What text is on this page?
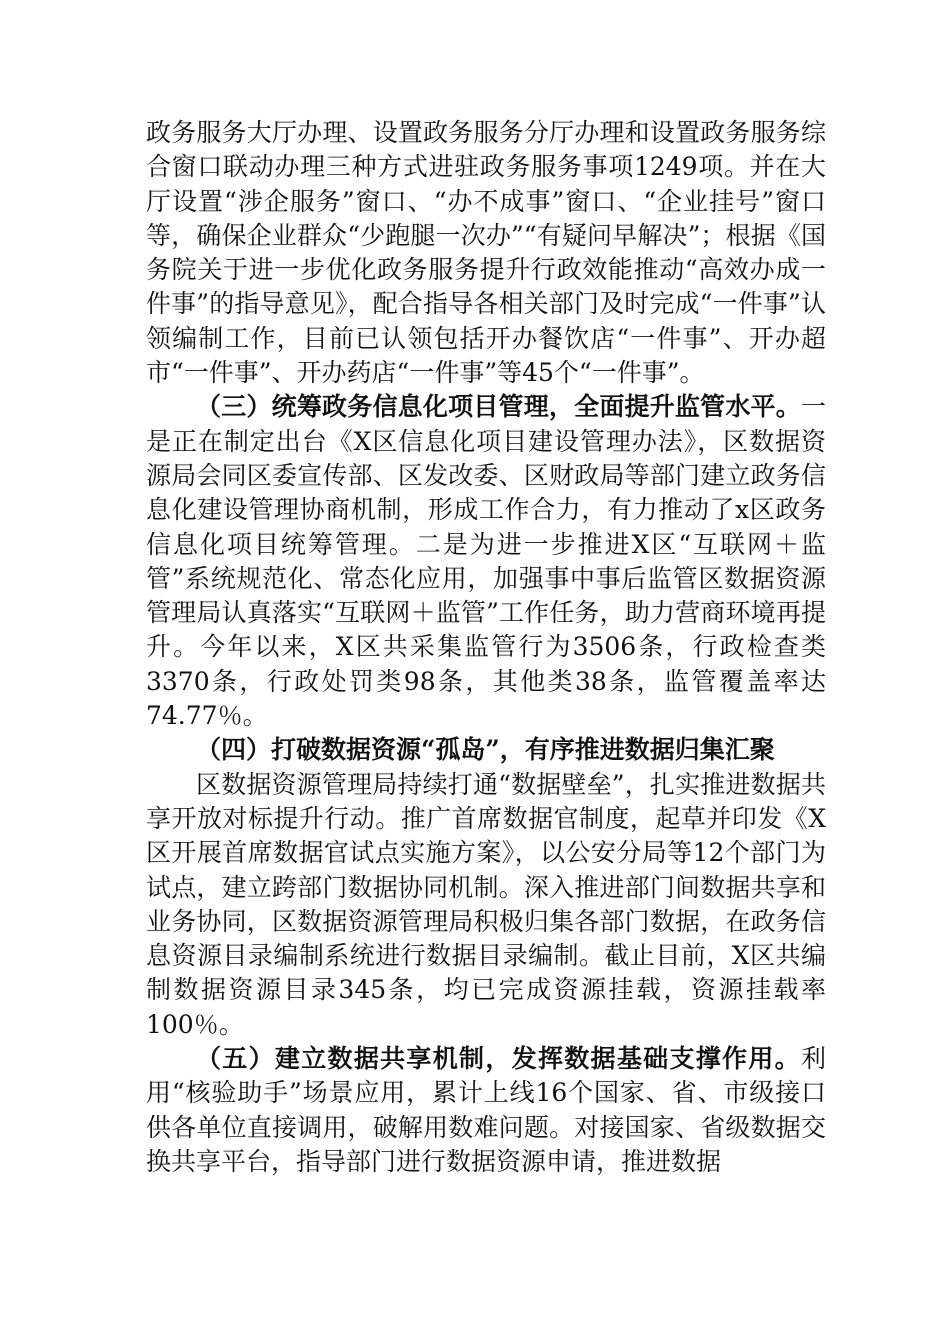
政务服务大厅办理、设置政务服务分厅办理和设置政务服务综合窗口联动办理三种方式进驻政务服务事项1249项。并在大厅设置“涉企服务”窗口、“办不成事”窗口、“企业挂号”窗口等，确保企业群众“少跑腿一次办”“有疑问早解决”；根据《国务院关于进一步优化政务服务提升行政效能推动“高效办成一件事”的指导意见》，配合指导各相关部门及时完成“一件事”认领编制工作，目前已认领包括开办餐饮店“一件事”、开办超市“一件事”、开办药店“一件事”等45个“一件事”。

（三）统筹政务信息化项目管理，全面提升监管水平。一是正在制定出台《X区信息化项目建设管理办法》，区数据资源局会同区委宣传部、区发改委、区财政局等部门建立政务信息化建设管理协商机制，形成工作合力，有力推动了x区政务信息化项目统筹管理。二是为进一步推进X区“互联网＋监管”系统规范化、常态化应用，加强事中事后监管区数据资源管理局认真落实“互联网＋监管”工作任务，助力营商环境再提升。今年以来，X区共采集监管行为3506条，行政检查类3370条，行政处罚类98条，其他类38条，监管覆盖率达74.77％。

（四）打破数据资源“孤岛”，有序推进数据归集汇聚

区数据资源管理局持续打通“数据壁垒”，扎实推进数据共享开放对标提升行动。推广首席数据官制度，起草并印发《X区开展首席数据官试点实施方案》，以公安分局等12个部门为试点，建立跨部门数据协同机制。深入推进部门间数据共享和业务协同，区数据资源管理局积极归集各部门数据，在政务信息资源目录编制系统进行数据目录编制。截止目前，X区共编制数据资源目录345条，均已完成资源挂载，资源挂载率100％。

（五）建立数据共享机制，发挥数据基础支撑作用。利用“核验助手”场景应用，累计上线16个国家、省、市级接口供各单位直接调用，破解用数难问题。对接国家、省级数据交换共享平台，指导部门进行数据资源申请，推进数据
